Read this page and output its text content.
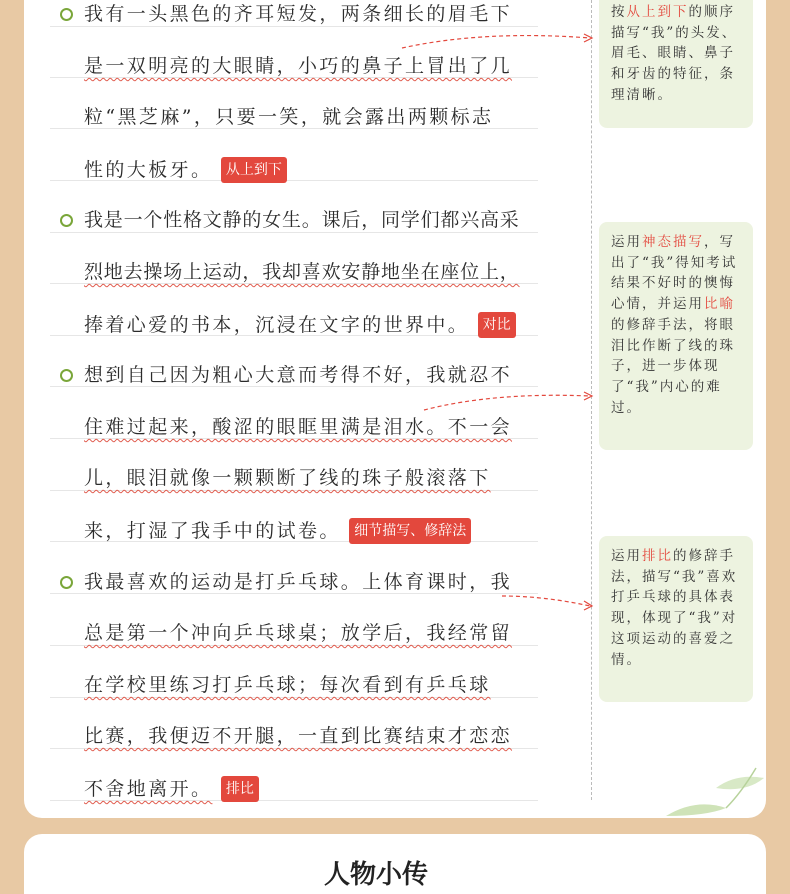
我有一头黑色的齐耳短发，两条细长的眉毛下
是一双明亮的大眼睛，小巧的鼻子上冒出了几
粒“黑芝麻”，只要一笑，就会露出两颗标志
性的大板牙。 从上到下
我是一个性格文静的女生。课后，同学们都兴高采
烈地去操场上运动，我却喜欢安静地坐在座位上，
捧着心爱的书本，沉浸在文字的世界中。 对比
想到自己因为粗心大意而考得不好，我就忍不
住难过起来，酸涩的眼眶里满是泪水。不一会
儿，眼泪就像一颗颗断了线的珠子般滚落下
来，打湿了我手中的试卷。 细节描写、修辞法
我最喜欢的运动是打乒乓球。上体育课时，我
总是第一个冲向乒乓球桌；放学后，我经常留
在学校里练习打乒乓球；每次看到有乒乓球
比赛，我便迈不开腿，一直到比赛结束才恋恋
不舍地离开。 排比
按从上到下的顺序描写“我”的头发、眉毛、眼睛、鼻子和牙齿的特征，条理清晰。
运用神态描写，写出了“我”得知考试结果不好时的懊悔心情，并运用比喻的修辞手法，将眼泪比作断了线的珠子，进一步体现了“我”内心的难过。
运用排比的修辞手法，描写“我”喜欢打乒乓球的具体表现，体现了“我”对这项运动的喜爱之情。
人物小传
